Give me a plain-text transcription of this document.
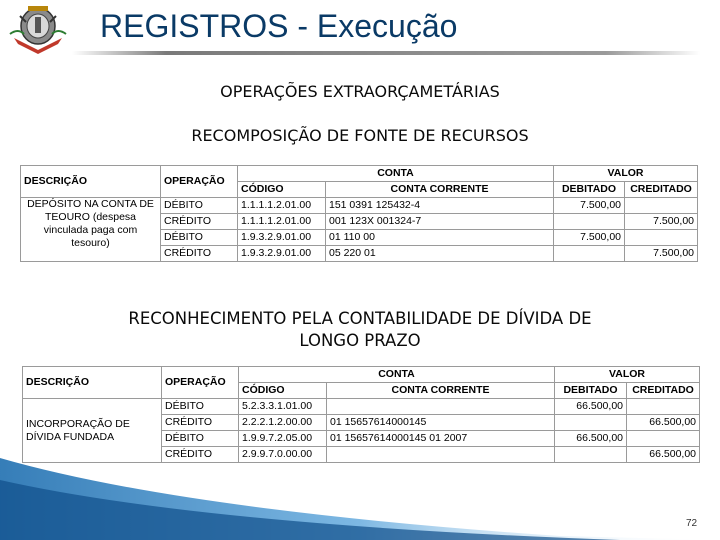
REGISTROS - Execução
OPERAÇÕES EXTRAORÇAMETÁRIAS
RECOMPOSIÇÃO DE FONTE DE RECURSOS
DESCRIÇÃO	OPERAÇÃO	CONTA		VALOR	
		CÓDIGO	CONTA CORRENTE	DEBITADO	CREDITADO
DEPÓSITO NA CONTA DE TEOURO (despesa vinculada paga com tesouro)	DÉBITO	1.1.1.1.2.01.00	151 0391 125432-4	7.500,00	
	CRÉDITO	1.1.1.1.2.01.00	001 123X 001324-7		7.500,00
	DÉBITO	1.9.3.2.9.01.00	01 110 00	7.500,00	
	CRÉDITO	1.9.3.2.9.01.00	05 220 01		7.500,00
RECONHECIMENTO PELA CONTABILIDADE DE DÍVIDA DE
LONGO PRAZO
DESCRIÇÃO	OPERAÇÃO	CONTA		VALOR	
		CÓDIGO	CONTA CORRENTE	DEBITADO	CREDITADO
INCORPORAÇÃO DE DÍVIDA FUNDADA	DÉBITO	5.2.3.3.1.01.00		66.500,00	
	CRÉDITO	2.2.2.1.2.00.00	01 15657614000145		66.500,00
	DÉBITO	1.9.9.7.2.05.00	01 15657614000145 01 2007	66.500,00	
	CRÉDITO	2.9.9.7.0.00.00			66.500,00
72
